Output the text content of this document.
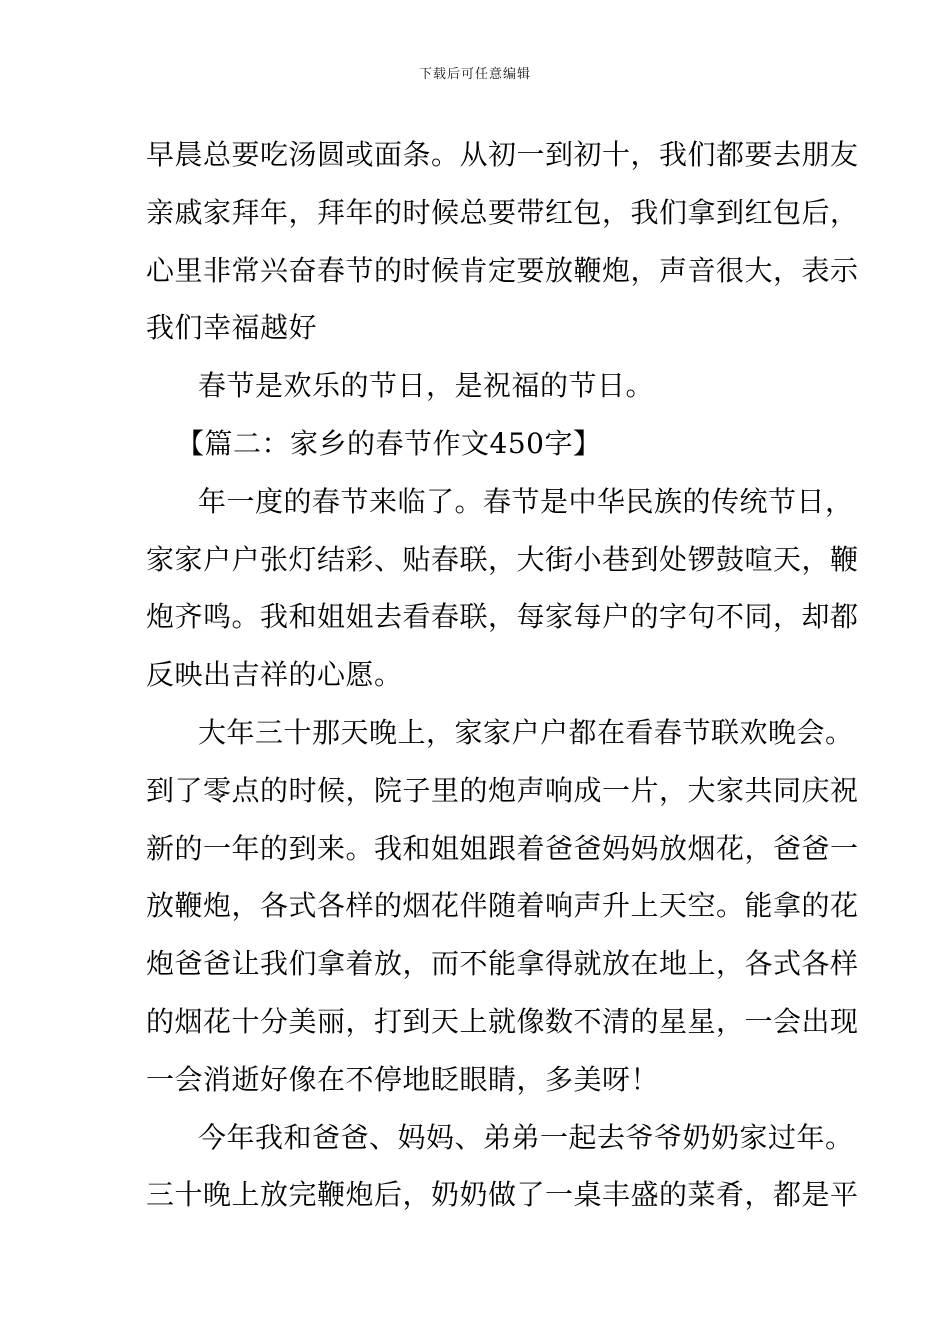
下载后可任意编辑
早晨总要吃汤圆或面条。从初一到初十，我们都要去朋友
亲戚家拜年，拜年的时候总要带红包，我们拿到红包后，
心里非常兴奋春节的时候肯定要放鞭炮，声音很大，表示
我们幸福越好
春节是欢乐的节日，是祝福的节日。
【篇二：家乡的春节作文450字】
年一度的春节来临了。春节是中华民族的传统节日，
家家户户张灯结彩、贴春联，大街小巷到处锣鼓喧天，鞭
炮齐鸣。我和姐姐去看春联，每家每户的字句不同，却都
反映出吉祥的心愿。
大年三十那天晚上，家家户户都在看春节联欢晚会。
到了零点的时候，院子里的炮声响成一片，大家共同庆祝
新的一年的到来。我和姐姐跟着爸爸妈妈放烟花，爸爸一
放鞭炮，各式各样的烟花伴随着响声升上天空。能拿的花
炮爸爸让我们拿着放，而不能拿得就放在地上，各式各样
的烟花十分美丽，打到天上就像数不清的星星，一会出现
一会消逝好像在不停地眨眼睛，多美呀！
今年我和爸爸、妈妈、弟弟一起去爷爷奶奶家过年。
三十晚上放完鞭炮后，奶奶做了一桌丰盛的菜肴，都是平
